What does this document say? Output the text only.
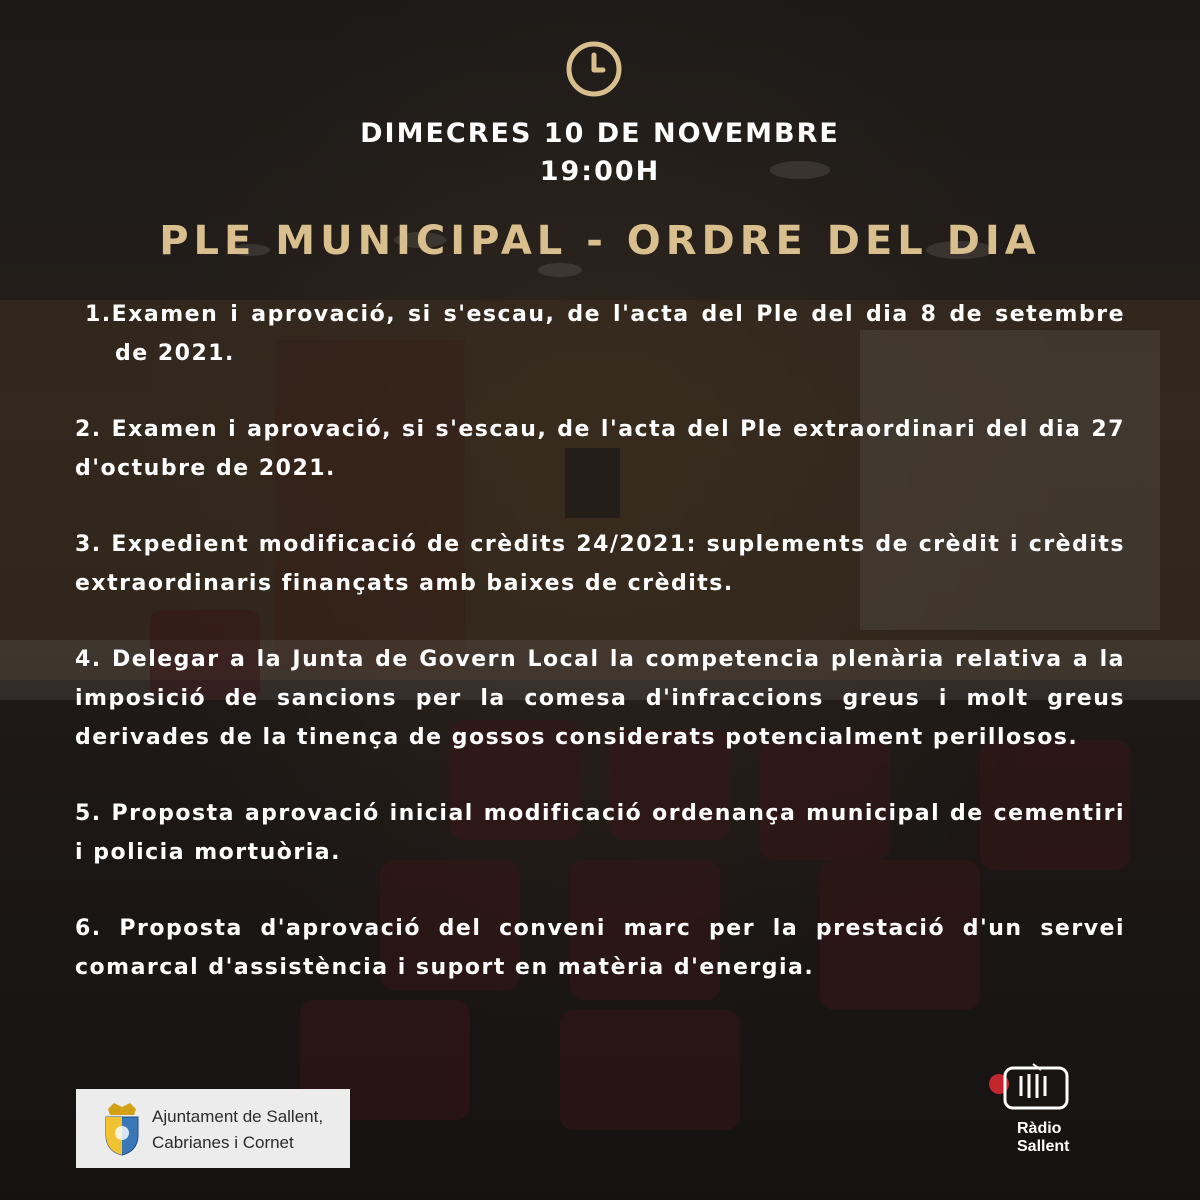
DIMECRES 10 DE NOVEMBRE
19:00H
PLE MUNICIPAL - ORDRE DEL DIA
1.Examen i aprovació, si s'escau, de l'acta del Ple del dia 8 de setembre de 2021.
2. Examen i aprovació, si s'escau, de l'acta del Ple extraordinari del dia 27 d'octubre de 2021.
3. Expedient modificació de crèdits 24/2021: suplements de crèdit i crèdits extraordinaris finançats amb baixes de crèdits.
4. Delegar a la Junta de Govern Local la competencia plenària relativa a la imposició de sancions per la comesa d'infraccions greus i molt greus derivades de la tinença de gossos considerats potencialment perillosos.
5. Proposta aprovació inicial modificació ordenança municipal de cementiri i policia mortuòria.
6. Proposta d'aprovació del conveni marc per la prestació d'un servei comarcal d'assistència i suport en matèria d'energia.
Ajuntament de Sallent,
Cabrianes i Cornet
Ràdio
Sallent
